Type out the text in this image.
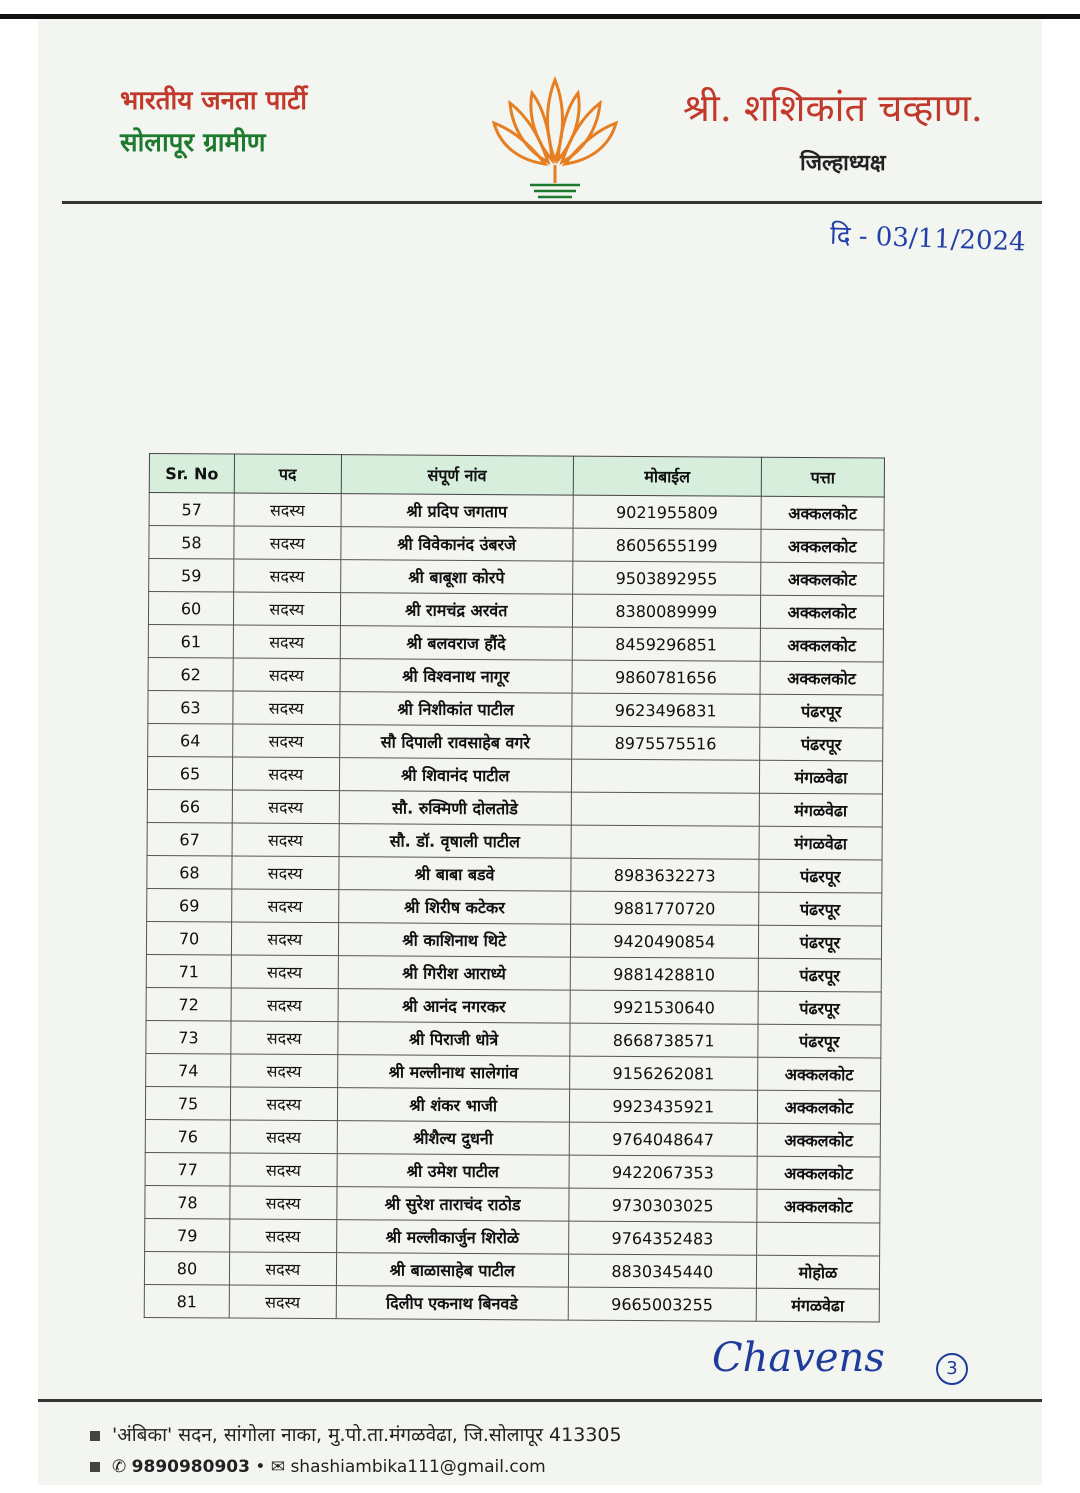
भारतीय जनता पार्टी
सोलापूर ग्रामीण
श्री. शशिकांत चव्हाण.
जिल्हाध्यक्ष
दि - 03/11/2024
Sr. No	पद	संपूर्ण नांव	मोबाईल	पत्ता
57	सदस्य	श्री प्रदिप जगताप	9021955809	अक्कलकोट
58	सदस्य	श्री विवेकानंद उंबरजे	8605655199	अक्कलकोट
59	सदस्य	श्री बाबूशा कोरपे	9503892955	अक्कलकोट
60	सदस्य	श्री रामचंद्र अरवंत	8380089999	अक्कलकोट
61	सदस्य	श्री बलवराज हौंदे	8459296851	अक्कलकोट
62	सदस्य	श्री विश्वनाथ नागूर	9860781656	अक्कलकोट
63	सदस्य	श्री निशीकांत पाटील	9623496831	पंढरपूर
64	सदस्य	सौ दिपाली रावसाहेब वगरे	8975575516	पंढरपूर
65	सदस्य	श्री शिवानंद पाटील		मंगळवेढा
66	सदस्य	सौ. रुक्मिणी दोलतोडे		मंगळवेढा
67	सदस्य	सौ. डॉ. वृषाली पाटील		मंगळवेढा
68	सदस्य	श्री बाबा बडवे	8983632273	पंढरपूर
69	सदस्य	श्री शिरीष कटेकर	9881770720	पंढरपूर
70	सदस्य	श्री काशिनाथ थिटे	9420490854	पंढरपूर
71	सदस्य	श्री गिरीश आराध्ये	9881428810	पंढरपूर
72	सदस्य	श्री आनंद नगरकर	9921530640	पंढरपूर
73	सदस्य	श्री पिराजी धोत्रे	8668738571	पंढरपूर
74	सदस्य	श्री मल्लीनाथ सालेगांव	9156262081	अक्कलकोट
75	सदस्य	श्री शंकर भाजी	9923435921	अक्कलकोट
76	सदस्य	श्रीशैल्य दुधनी	9764048647	अक्कलकोट
77	सदस्य	श्री उमेश पाटील	9422067353	अक्कलकोट
78	सदस्य	श्री सुरेश ताराचंद राठोड	9730303025	अक्कलकोट
79	सदस्य	श्री मल्लीकार्जुन शिरोळे	9764352483	
80	सदस्य	श्री बाळासाहेब पाटील	8830345440	मोहोळ
81	सदस्य	दिलीप एकनाथ बिनवडे	9665003255	मंगळवेढा
Chavens	3
'अंबिका' सदन, सांगोला नाका, मु.पो.ता.मंगळवेढा, जि.सोलापूर 413305
✆ 9890980903 • ✉ shashiambika111@gmail.com
